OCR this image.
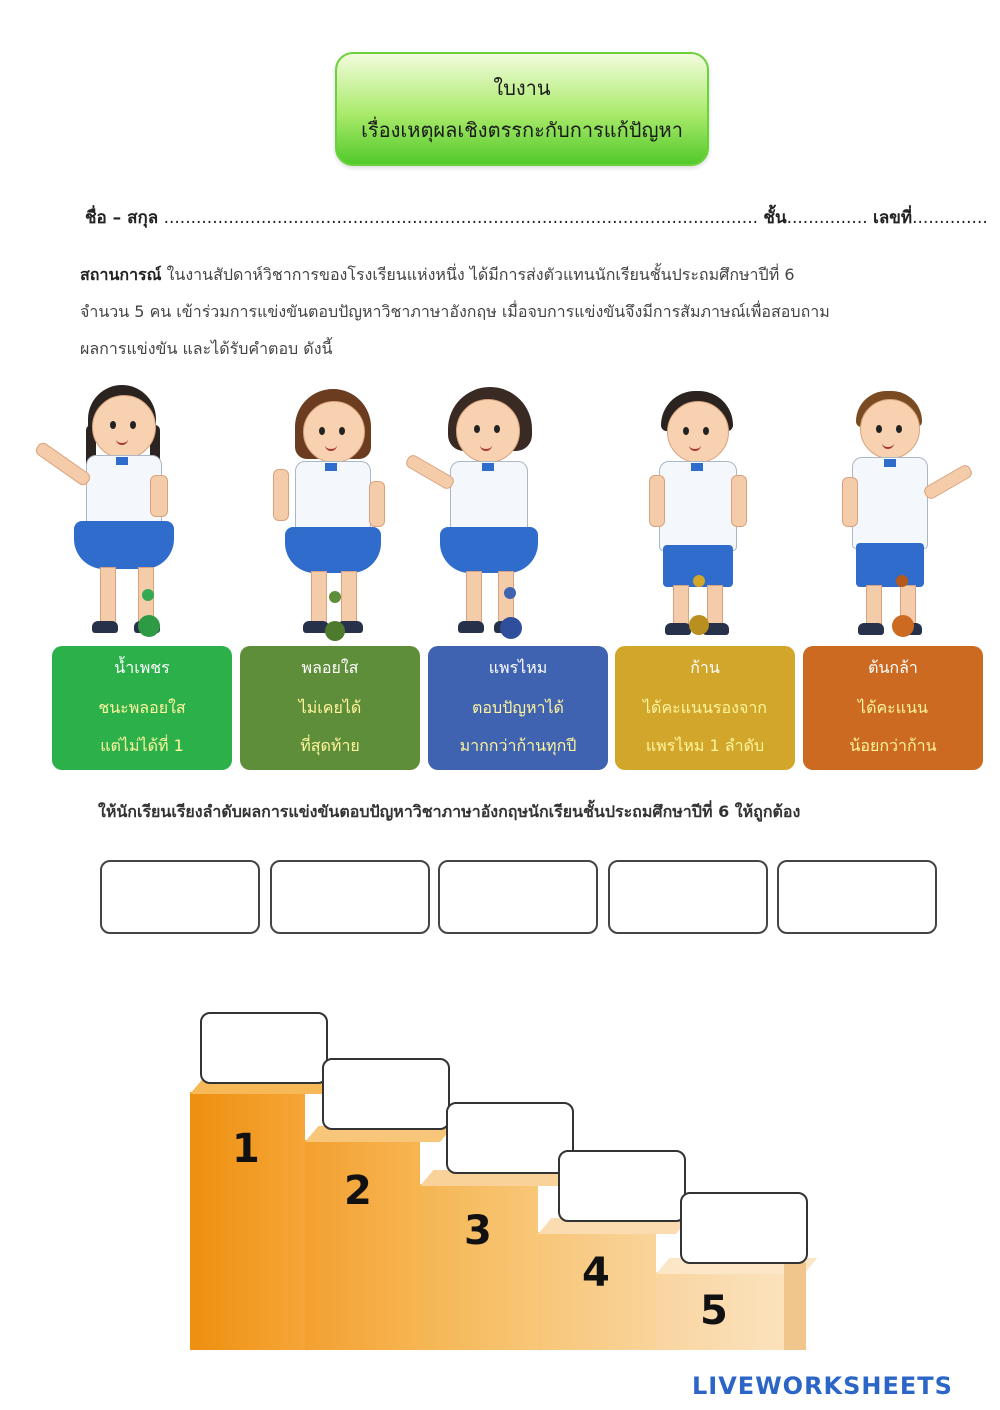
ใบงาน
เรื่องเหตุผลเชิงตรรกะกับการแก้ปัญหา
ชื่อ – สกุล .............................................................................................................. ชั้น............... เลขที่..............
สถานการณ์ ในงานสัปดาห์วิชาการของโรงเรียนแห่งหนึ่ง ได้มีการส่งตัวแทนนักเรียนชั้นประถมศึกษาปีที่ 6
จำนวน 5 คน เข้าร่วมการแข่งขันตอบปัญหาวิชาภาษาอังกฤษ เมื่อจบการแข่งขันจึงมีการสัมภาษณ์เพื่อสอบถาม
ผลการแข่งขัน และได้รับคำตอบ ดังนี้
น้ำเพชร
ชนะพลอยใส
แต่ไม่ได้ที่ 1
พลอยใส
ไม่เคยได้
ที่สุดท้าย
แพรไหม
ตอบปัญหาได้
มากกว่าก้านทุกปี
ก้าน
ได้คะแนนรองจาก
แพรไหม 1 ลำดับ
ต้นกล้า
ได้คะแนน
น้อยกว่าก้าน
ให้นักเรียนเรียงลำดับผลการแข่งขันตอบปัญหาวิชาภาษาอังกฤษนักเรียนชั้นประถมศึกษาปีที่ 6 ให้ถูกต้อง
1
2
3
4
5
LIVEWORKSHEETS
